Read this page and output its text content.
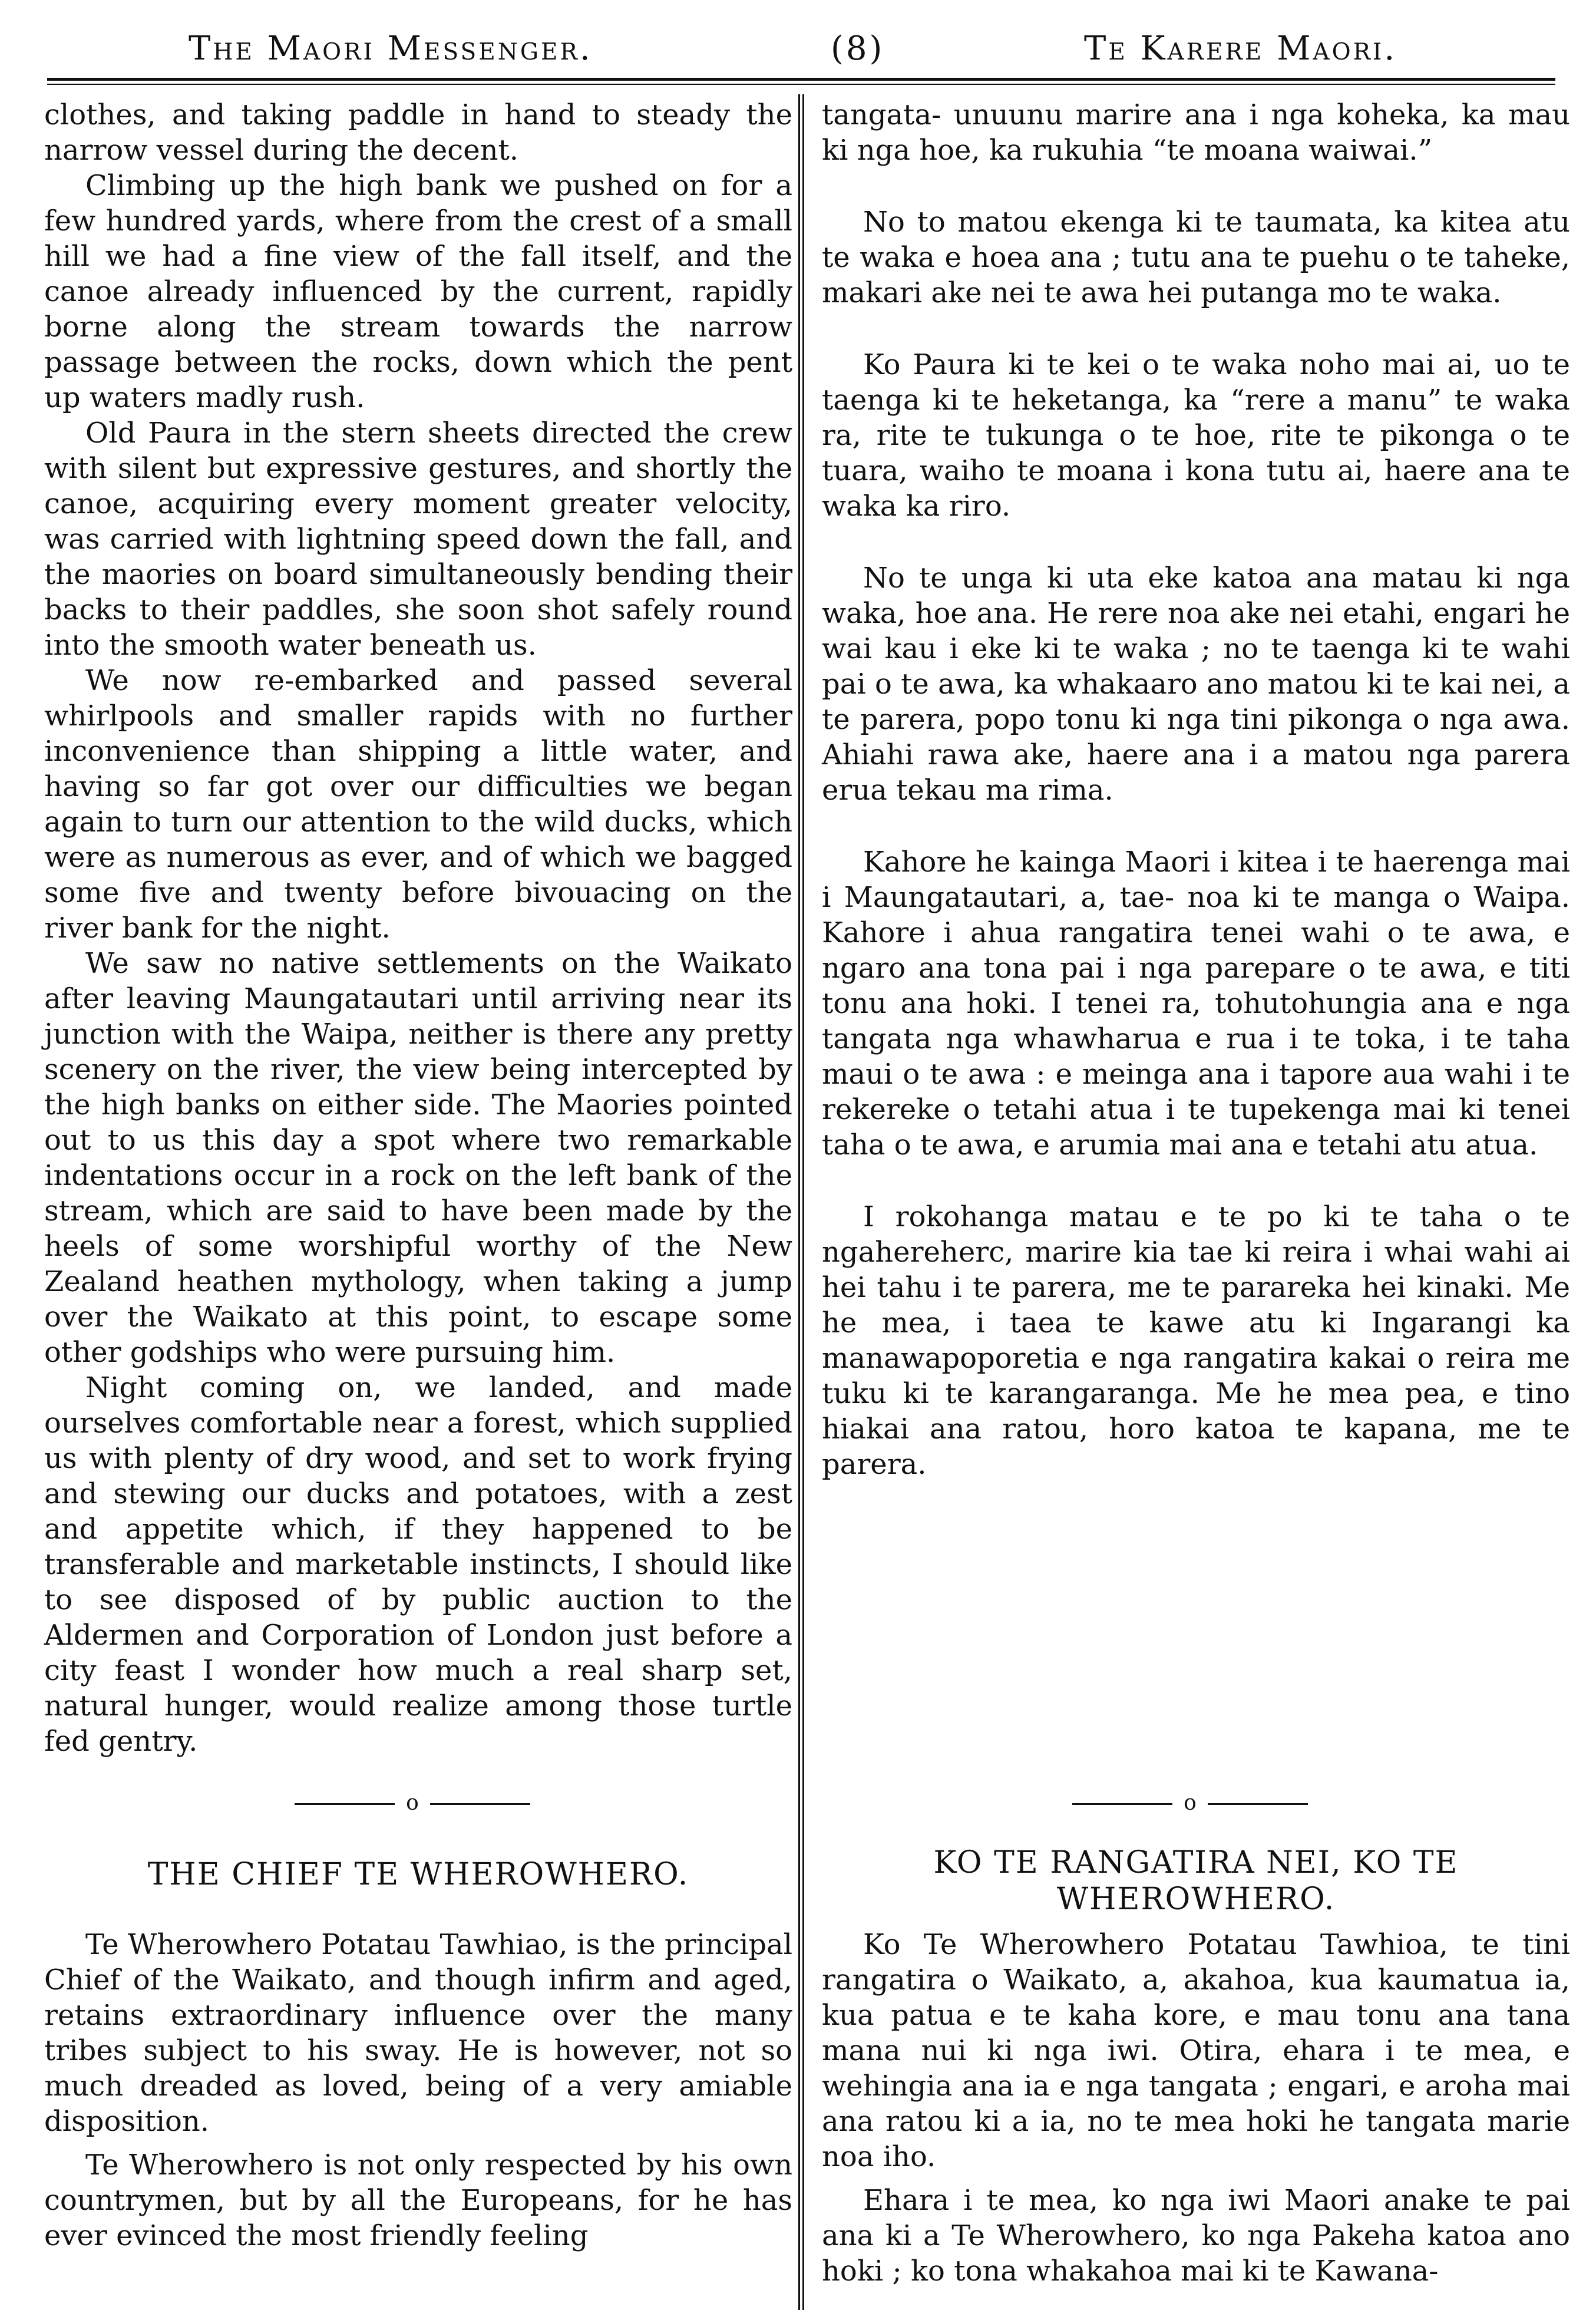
The Maori Messenger.	(8)	Te Karere Maori.

clothes, and taking paddle in hand to steady the narrow vessel during the decent.

Climbing up the high bank we pushed on for a few hundred yards, where from the crest of a small hill we had a fine view of the fall itself, and the canoe already influenced by the current, rapidly borne along the stream towards the narrow passage between the rocks, down which the pent up waters madly rush.

Old Paura in the stern sheets directed the crew with silent but expressive gestures, and shortly the canoe, acquiring every moment greater velocity, was carried with lightning speed down the fall, and the maories on board simultaneously bending their backs to their paddles, she soon shot safely round into the smooth water beneath us.

We now re-embarked and passed several whirlpools and smaller rapids with no further inconvenience than shipping a little water, and having so far got over our difficulties we began again to turn our attention to the wild ducks, which were as numerous as ever, and of which we bagged some five and twenty before bivouacing on the river bank for the night.

We saw no native settlements on the Waikato after leaving Maungatautari until arriving near its junction with the Waipa, neither is there any pretty scenery on the river, the view being intercepted by the high banks on either side. The Maories pointed out to us this day a spot where two remarkable indentations occur in a rock on the left bank of the stream, which are said to have been made by the heels of some worshipful worthy of the New Zealand heathen mythology, when taking a jump over the Waikato at this point, to escape some other godships who were pursuing him.

Night coming on, we landed, and made ourselves comfortable near a forest, which supplied us with plenty of dry wood, and set to work frying and stewing our ducks and potatoes, with a zest and appetite which, if they happened to be transferable and marketable instincts, I should like to see disposed of by public auction to the Aldermen and Corporation of London just before a city feast I wonder how much a real sharp set, natural hunger, would realize among those turtle fed gentry.

o
THE CHIEF TE WHEROWHERO.

Te Wherowhero Potatau Tawhiao, is the principal Chief of the Waikato, and though infirm and aged, retains extraordinary influence over the many tribes subject to his sway. He is however, not so much dreaded as loved, being of a very amiable disposition.

Te Wherowhero is not only respected by his own countrymen, but by all the Europeans, for he has ever evinced the most friendly feeling

tangata- unuunu marire ana i nga koheka, ka mau ki nga hoe, ka rukuhia “te moana waiwai.”

No to matou ekenga ki te taumata, ka kitea atu te waka e hoea ana ; tutu ana te puehu o te taheke, makari ake nei te awa hei putanga mo te waka.

Ko Paura ki te kei o te waka noho mai ai, uo te taenga ki te heketanga, ka “rere a manu” te waka ra, rite te tukunga o te hoe, rite te pikonga o te tuara, waiho te moana i kona tutu ai, haere ana te waka ka riro.

No te unga ki uta eke katoa ana matau ki nga waka, hoe ana. He rere noa ake nei etahi, engari he wai kau i eke ki te waka ; no te taenga ki te wahi pai o te awa, ka whakaaro ano matou ki te kai nei, a te parera, popo tonu ki nga tini pikonga o nga awa. Ahiahi rawa ake, haere ana i a matou nga parera erua tekau ma rima.

Kahore he kainga Maori i kitea i te haerenga mai i Maungatautari, a, tae- noa ki te manga o Waipa. Kahore i ahua rangatira tenei wahi o te awa, e ngaro ana tona pai i nga parepare o te awa, e titi tonu ana hoki. I tenei ra, tohutohungia ana e nga tangata nga whawharua e rua i te toka, i te taha maui o te awa : e meinga ana i tapore aua wahi i te rekereke o tetahi atua i te tupekenga mai ki tenei taha o te awa, e arumia mai ana e tetahi atu atua.

I rokohanga matau e te po ki te taha o te ngahereherc, marire kia tae ki reira i whai wahi ai hei tahu i te parera, me te parareka hei kinaki. Me he mea, i taea te kawe atu ki Ingarangi ka manawapoporetia e nga rangatira kakai o reira me tuku ki te karangaranga. Me he mea pea, e tino hiakai ana ratou, horo katoa te kapana, me te parera.

o
KO TE RANGATIRA NEI, KO TE WHEROWHERO.

Ko Te Wherowhero Potatau Tawhioa, te tini rangatira o Waikato, a, akahoa, kua kaumatua ia, kua patua e te kaha kore, e mau tonu ana tana mana nui ki nga iwi. Otira, ehara i te mea, e wehingia ana ia e nga tangata ; engari, e aroha mai ana ratou ki a ia, no te mea hoki he tangata marie noa iho.

Ehara i te mea, ko nga iwi Maori anake te pai ana ki a Te Wherowhero, ko nga Pakeha katoa ano hoki ; ko tona whakahoa mai ki te Kawana-
